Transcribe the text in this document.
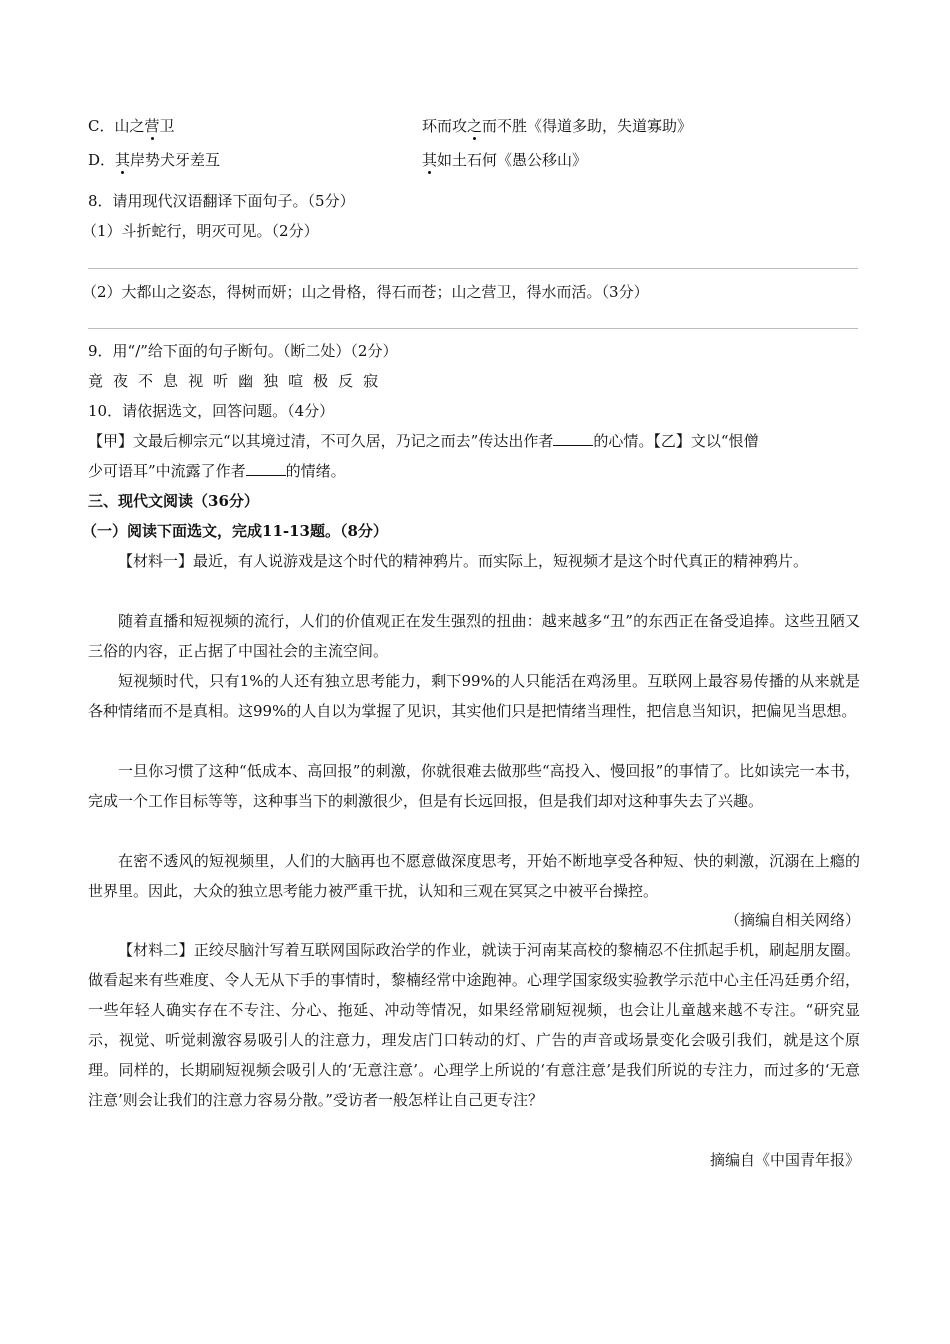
C．山之营卫	环而攻之而不胜《得道多助，失道寡助》
D．其岸势犬牙差互	其如土石何《愚公移山》
8．请用现代汉语翻译下面句子。（5分）
（1）斗折蛇行，明灭可见。（2分）
（2）大都山之姿态，得树而妍；山之骨格，得石而苍；山之营卫，得水而活。（3分）
9．用“/”给下面的句子断句。（断二处）（2分）
竟 夜 不 息 视 听 幽 独 喧 极 反 寂
10．请依据选文，回答问题。（4分）
【甲】文最后柳宗元“以其境过清，不可久居，乃记之而去”传达出作者	的心情。【乙】文以“恨僧
少可语耳”中流露了作者	的情绪。
三、现代文阅读（36分）
（一）阅读下面选文，完成11-13题。（8分）
【材料一】最近，有人说游戏是这个时代的精神鸦片。而实际上，短视频才是这个时代真正的精神鸦片。
随着直播和短视频的流行，人们的价值观正在发生强烈的扭曲：越来越多“丑”的东西正在备受追捧。这些丑陋又三俗的内容，正占据了中国社会的主流空间。
短视频时代，只有1%的人还有独立思考能力，剩下99%的人只能活在鸡汤里。互联网上最容易传播的从来就是各种情绪而不是真相。这99%的人自以为掌握了见识，其实他们只是把情绪当理性，把信息当知识，把偏见当思想。
一旦你习惯了这种“低成本、高回报”的刺激，你就很难去做那些“高投入、慢回报”的事情了。比如读完一本书，完成一个工作目标等等，这种事当下的刺激很少，但是有长远回报，但是我们却对这种事失去了兴趣。
在密不透风的短视频里，人们的大脑再也不愿意做深度思考，开始不断地享受各种短、快的刺激，沉溺在上瘾的世界里。因此，大众的独立思考能力被严重干扰，认知和三观在冥冥之中被平台操控。
（摘编自相关网络）
【材料二】正绞尽脑汁写着互联网国际政治学的作业，就读于河南某高校的黎楠忍不住抓起手机，刷起朋友圈。做看起来有些难度、令人无从下手的事情时，黎楠经常中途跑神。心理学国家级实验教学示范中心主任冯廷勇介绍，一些年轻人确实存在不专注、分心、拖延、冲动等情况，如果经常刷短视频，也会让儿童越来越不专注。“研究显示，视觉、听觉刺激容易吸引人的注意力，理发店门口转动的灯、广告的声音或场景变化会吸引我们，就是这个原理。同样的，长期刷短视频会吸引人的‘无意注意’。心理学上所说的‘有意注意’是我们所说的专注力，而过多的‘无意注意’则会让我们的注意力容易分散。”受访者一般怎样让自己更专注？
摘编自《中国青年报》
